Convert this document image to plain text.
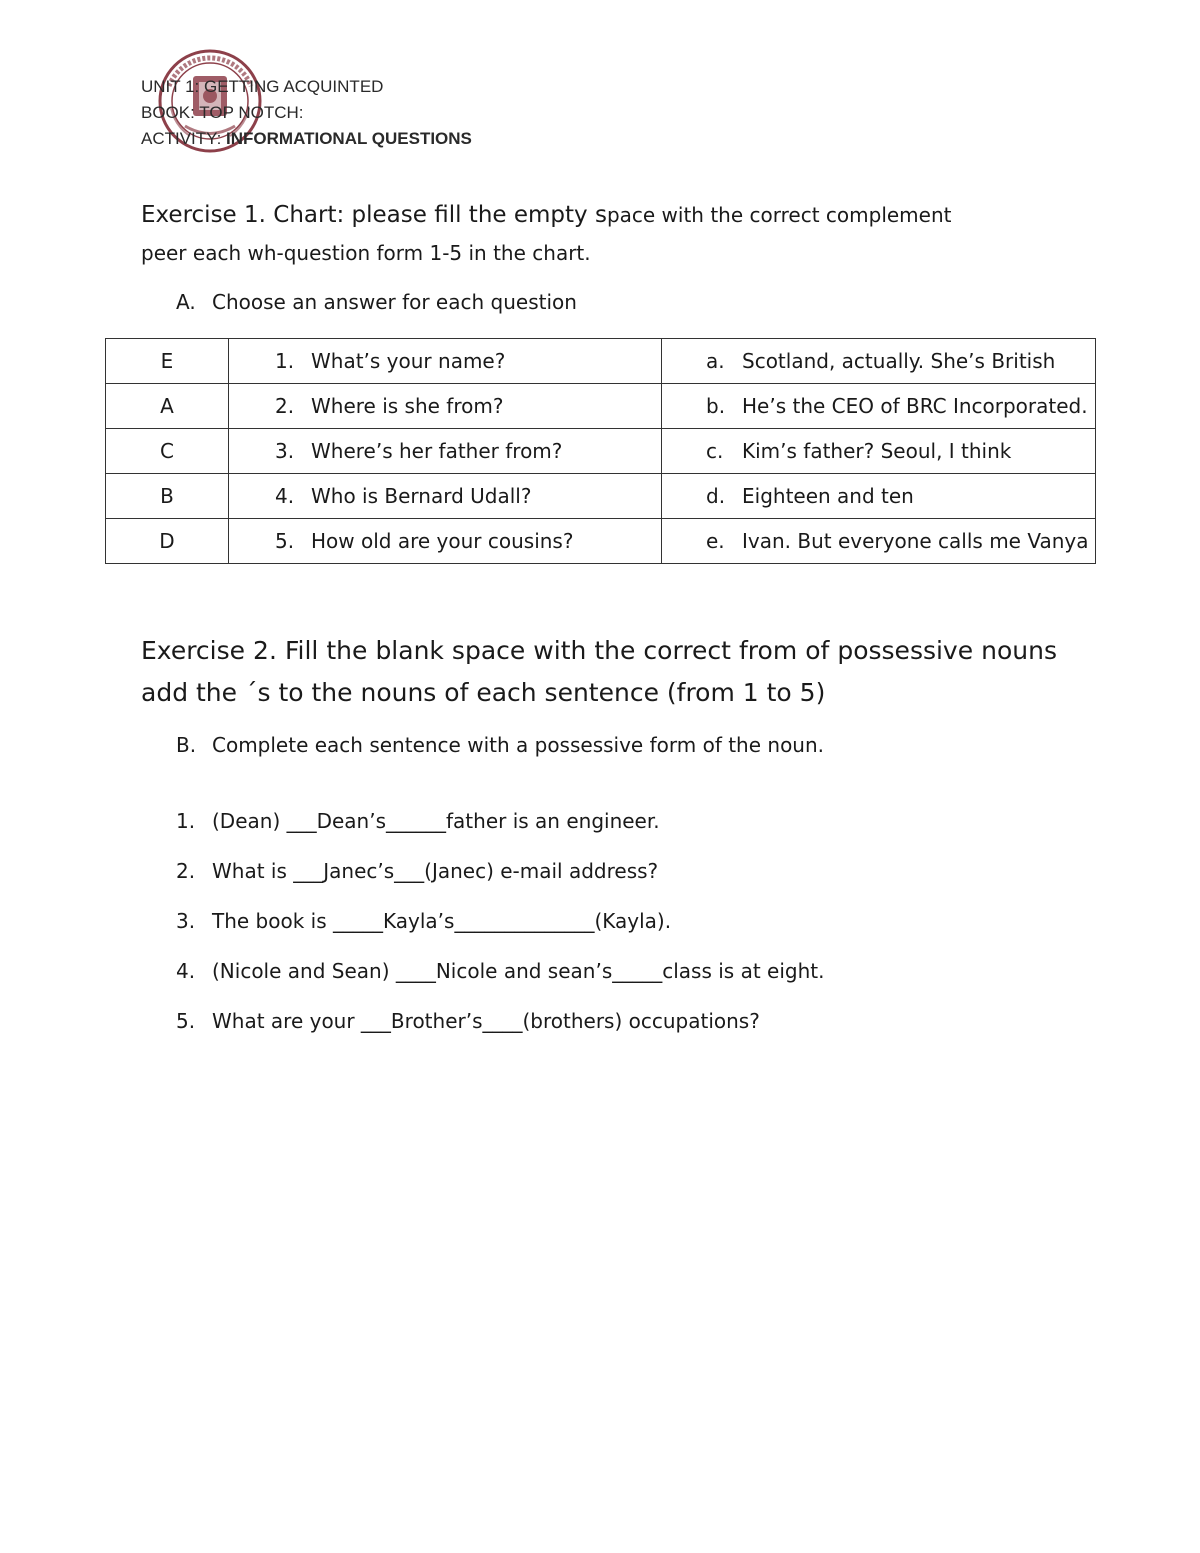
UNIT 1: GETTING ACQUINTED
BOOK: TOP NOTCH:
ACTIVITY: INFORMATIONAL QUESTIONS
Exercise 1. Chart: please fill the empty space with the correct complement
peer each wh-question form 1-5 in the chart.
A. Choose an answer for each question
E	1. What’s your name?	a. Scotland, actually. She’s British
A	2. Where is she from?	b. He’s the CEO of BRC Incorporated.
C	3. Where’s her father from?	c. Kim’s father? Seoul, I think
B	4. Who is Bernard Udall?	d. Eighteen and ten
D	5. How old are your cousins?	e. Ivan. But everyone calls me Vanya
Exercise 2. Fill the blank space with the correct from of possessive nouns add the ´s to the nouns of each sentence (from 1 to 5)
B. Complete each sentence with a possessive form of the noun.
1. (Dean) ___Dean’s______father is an engineer.
2. What is ___Janec’s___(Janec) e-mail address?
3. The book is _____Kayla’s______________(Kayla).
4. (Nicole and Sean) ____Nicole and sean’s_____class is at eight.
5. What are your ___Brother’s____(brothers) occupations?
